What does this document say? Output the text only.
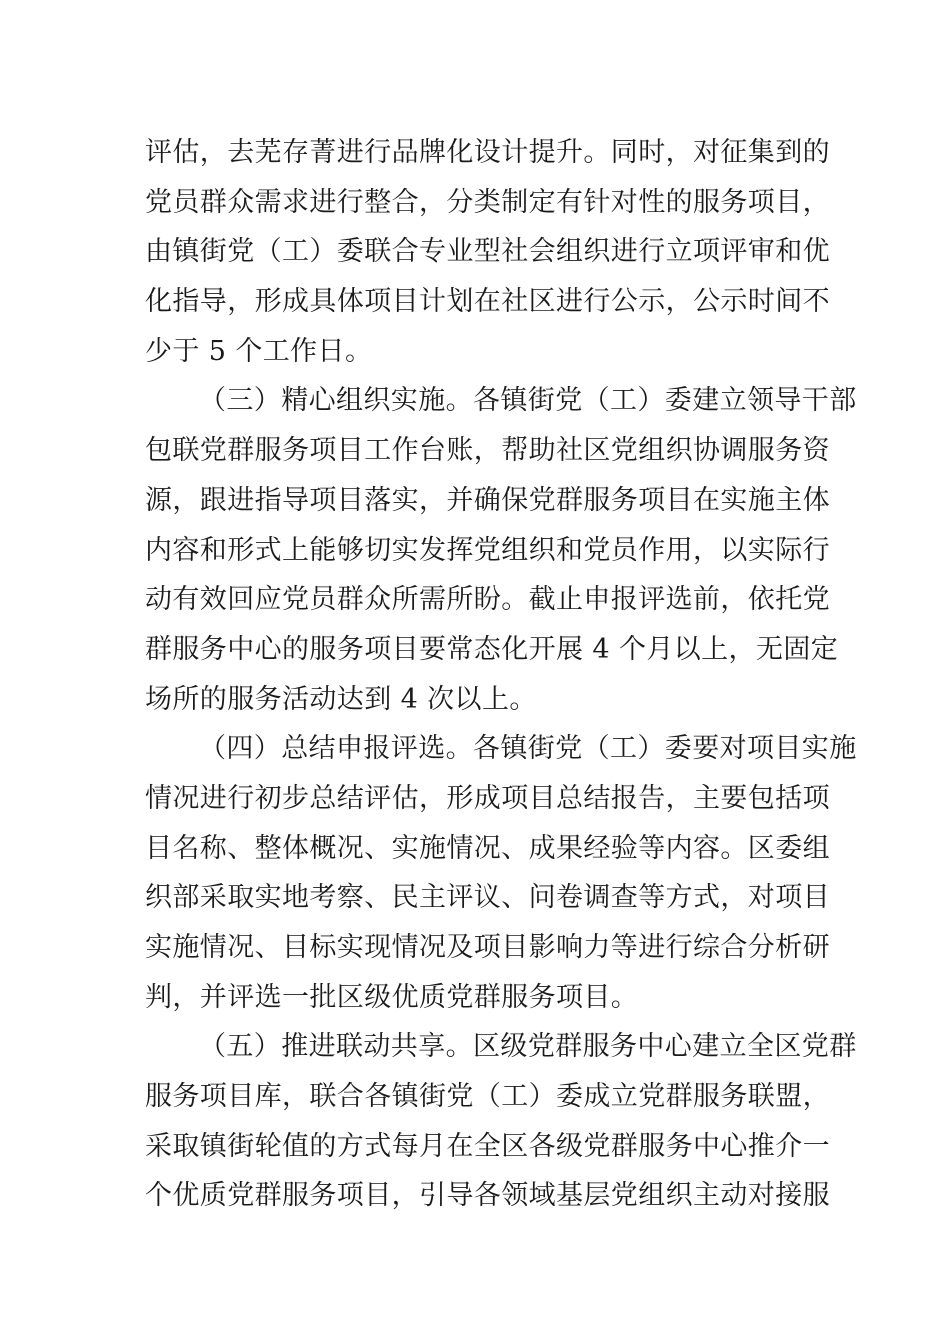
评估，去芜存菁进行品牌化设计提升。同时，对征集到的
党员群众需求进行整合，分类制定有针对性的服务项目，
由镇街党（工）委联合专业型社会组织进行立项评审和优
化指导，形成具体项目计划在社区进行公示，公示时间不
少于 5 个工作日。
（三）精心组织实施。各镇街党（工）委建立领导干部
包联党群服务项目工作台账，帮助社区党组织协调服务资
源，跟进指导项目落实，并确保党群服务项目在实施主体
内容和形式上能够切实发挥党组织和党员作用，以实际行
动有效回应党员群众所需所盼。截止申报评选前，依托党
群服务中心的服务项目要常态化开展 4 个月以上，无固定
场所的服务活动达到 4 次以上。
（四）总结申报评选。各镇街党（工）委要对项目实施
情况进行初步总结评估，形成项目总结报告，主要包括项
目名称、整体概况、实施情况、成果经验等内容。区委组
织部采取实地考察、民主评议、问卷调查等方式，对项目
实施情况、目标实现情况及项目影响力等进行综合分析研
判，并评选一批区级优质党群服务项目。
（五）推进联动共享。区级党群服务中心建立全区党群
服务项目库，联合各镇街党（工）委成立党群服务联盟，
采取镇街轮值的方式每月在全区各级党群服务中心推介一
个优质党群服务项目，引导各领域基层党组织主动对接服
